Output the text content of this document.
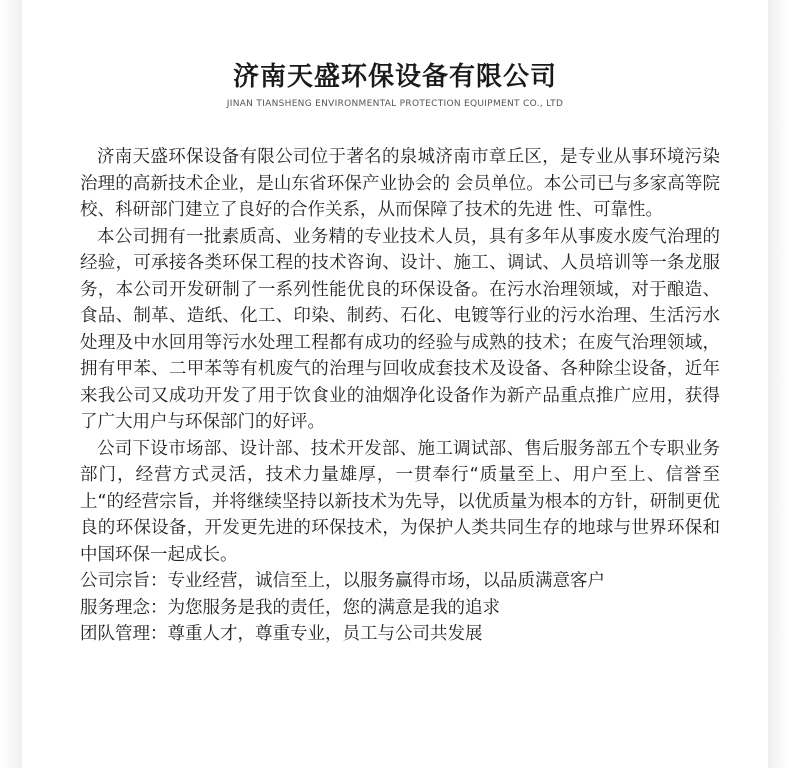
济南天盛环保设备有限公司
JINAN TIANSHENG ENVIRONMENTAL PROTECTION EQUIPMENT CO., LTD

济南天盛环保设备有限公司位于著名的泉城济南市章丘区，是专业从事环境污染治理的高新技术企业，是山东省环保产业协会的 会员单位。本公司已与多家高等院校、科研部门建立了良好的合作关系，从而保障了技术的先进 性、可靠性。

本公司拥有一批素质高、业务精的专业技术人员，具有多年从事废水废气治理的经验，可承接各类环保工程的技术咨询、设计、施工、调试、人员培训等一条龙服务，本公司开发研制了一系列性能优良的环保设备。在污水治理领域，对于酿造、食品、制革、造纸、化工、印染、制药、石化、电镀等行业的污水治理、生活污水处理及中水回用等污水处理工程都有成功的经验与成熟的技术；在废气治理领域，拥有甲苯、二甲苯等有机废气的治理与回收成套技术及设备、各种除尘设备，近年来我公司又成功开发了用于饮食业的油烟净化设备作为新产品重点推广应用，获得了广大用户与环保部门的好评。

公司下设市场部、设计部、技术开发部、施工调试部、售后服务部五个专职业务部门，经营方式灵活，技术力量雄厚，一贯奉行“质量至上、用户至上、信誉至上“的经营宗旨，并将继续坚持以新技术为先导，以优质量为根本的方针，研制更优良的环保设备，开发更先进的环保技术，为保护人类共同生存的地球与世界环保和中国环保一起成长。

公司宗旨：专业经营，诚信至上，以服务赢得市场，以品质满意客户

服务理念：为您服务是我的责任，您的满意是我的追求

团队管理：尊重人才，尊重专业，员工与公司共发展
